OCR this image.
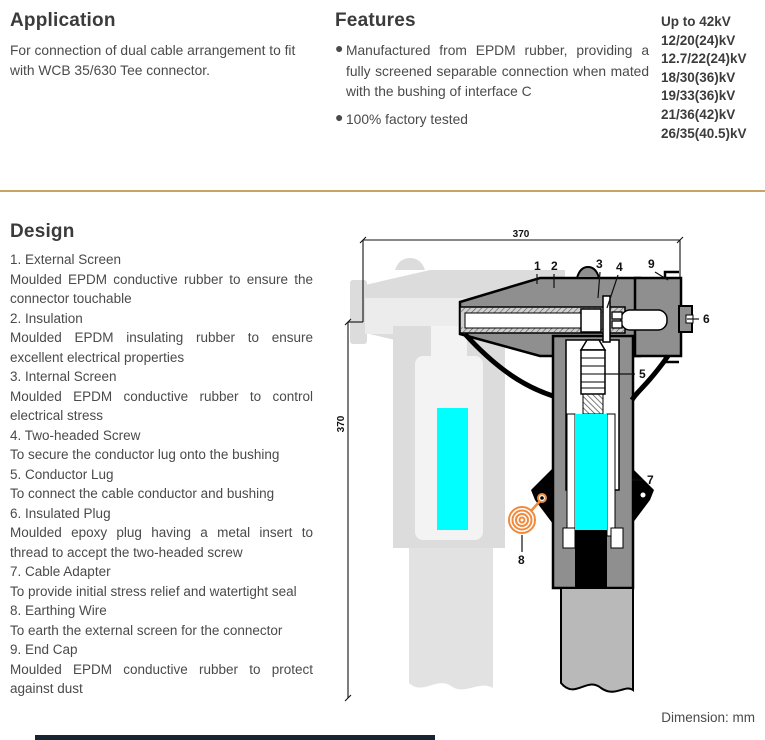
Application
For connection of dual cable arrangement to fit with WCB 35/630 Tee connector.
Features
● Manufactured from EPDM rubber, providing a fully screened separable connection when mated with the bushing of interface C
● 100% factory tested
Up to 42kV
12/20(24)kV
12.7/22(24)kV
18/30(36)kV
19/33(36)kV
21/36(42)kV
26/35(40.5)kV
Design
1. External Screen
Moulded EPDM conductive rubber to ensure the connector touchable
2. Insulation
Moulded EPDM insulating rubber to ensure excellent electrical properties
3. Internal Screen
Moulded EPDM conductive rubber to control electrical stress
4. Two-headed Screw
To secure the conductor lug onto the bushing
5. Conductor Lug
To connect the cable conductor and bushing
6. Insulated Plug
Moulded epoxy plug having a metal insert to thread to accept the two-headed screw
7. Cable Adapter
To provide initial stress relief and watertight seal
8. Earthing Wire
To earth the external screen for the connector
9. End Cap
Moulded EPDM conductive rubber to protect against dust
370
370
1 2	3 4
5
6
7
8
9
Dimension: mm
